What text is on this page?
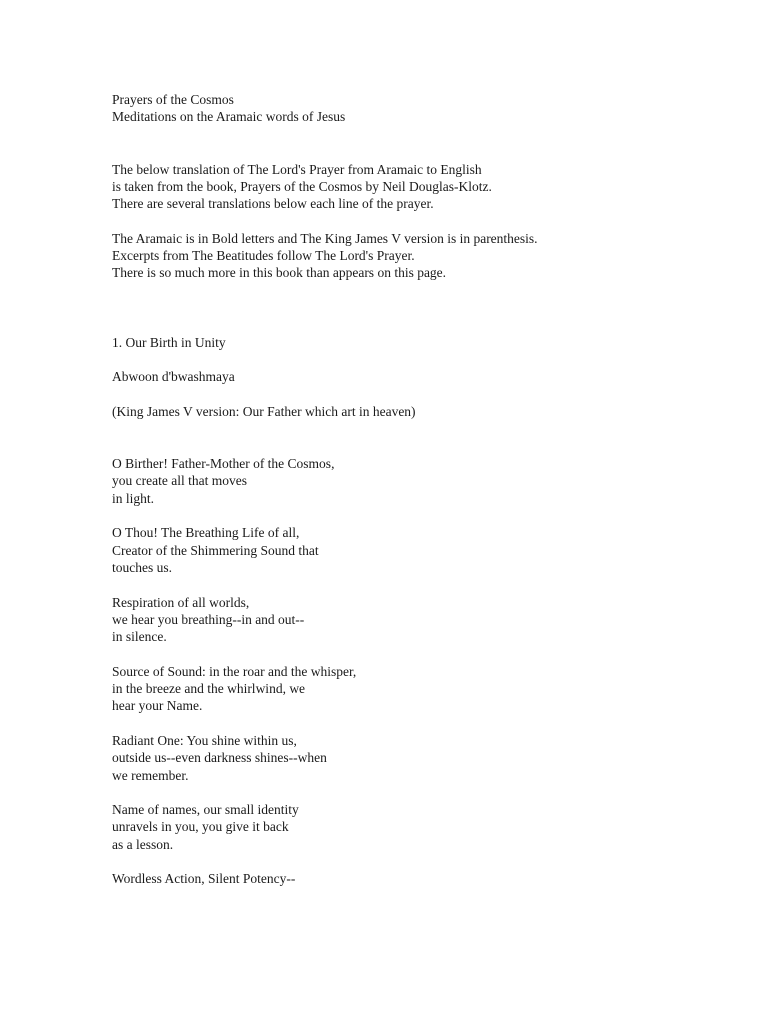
Prayers of the Cosmos
Meditations on the Aramaic words of Jesus
The below translation of The Lord's Prayer from Aramaic to English
is taken from the book, Prayers of the Cosmos by Neil Douglas-Klotz.
There are several translations below each line of the prayer.
The Aramaic is in Bold letters and The King James V version is in parenthesis.
Excerpts from The Beatitudes follow The Lord's Prayer.
There is so much more in this book than appears on this page.
1. Our Birth in Unity
Abwoon d'bwashmaya
(King James V version: Our Father which art in heaven)
O Birther! Father-Mother of the Cosmos,
you create all that moves
in light.
O Thou! The Breathing Life of all,
Creator of the Shimmering Sound that
touches us.
Respiration of all worlds,
we hear you breathing--in and out--
in silence.
Source of Sound: in the roar and the whisper,
in the breeze and the whirlwind, we
hear your Name.
Radiant One: You shine within us,
outside us--even darkness shines--when
we remember.
Name of names, our small identity
unravels in you, you give it back
as a lesson.
Wordless Action, Silent Potency--
